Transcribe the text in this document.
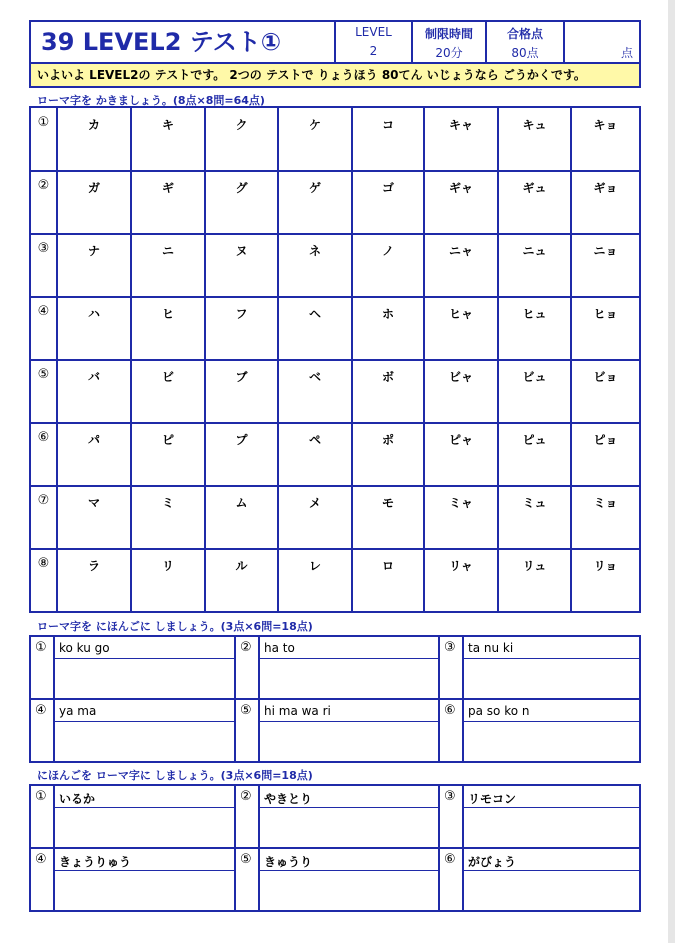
39 LEVEL2 テスト①	LEVEL
2
制限時間
20分
合格点
80点	点
いよいよ LEVEL2の テストです。 2つの テストで りょうほう 80てん いじょうなら ごうかくです。
ローマ字を かきましょう。(8点×8問=64点)
①	カ	キ	ク	ケ	コ	キャ	キュ	キョ
②	ガ	ギ	グ	ゲ	ゴ	ギャ	ギュ	ギョ
③	ナ	ニ	ヌ	ネ	ノ	ニャ	ニュ	ニョ
④	ハ	ヒ	フ	ヘ	ホ	ヒャ	ヒュ	ヒョ
⑤	バ	ビ	ブ	ベ	ボ	ビャ	ビュ	ビョ
⑥	パ	ピ	プ	ペ	ポ	ピャ	ピュ	ピョ
⑦	マ	ミ	ム	メ	モ	ミャ	ミュ	ミョ
⑧	ラ	リ	ル	レ	ロ	リャ	リュ	リョ
ローマ字を にほんごに しましょう。(3点×6問=18点)
① ko ku go	② ha to	③ ta nu ki
④ ya ma	⑤ hi ma wa ri	⑥ pa so ko n
にほんごを ローマ字に しましょう。(3点×6問=18点)
① いるか	② やきとり	③ リモコン
④ きょうりゅう	⑤ きゅうり	⑥ がびょう
